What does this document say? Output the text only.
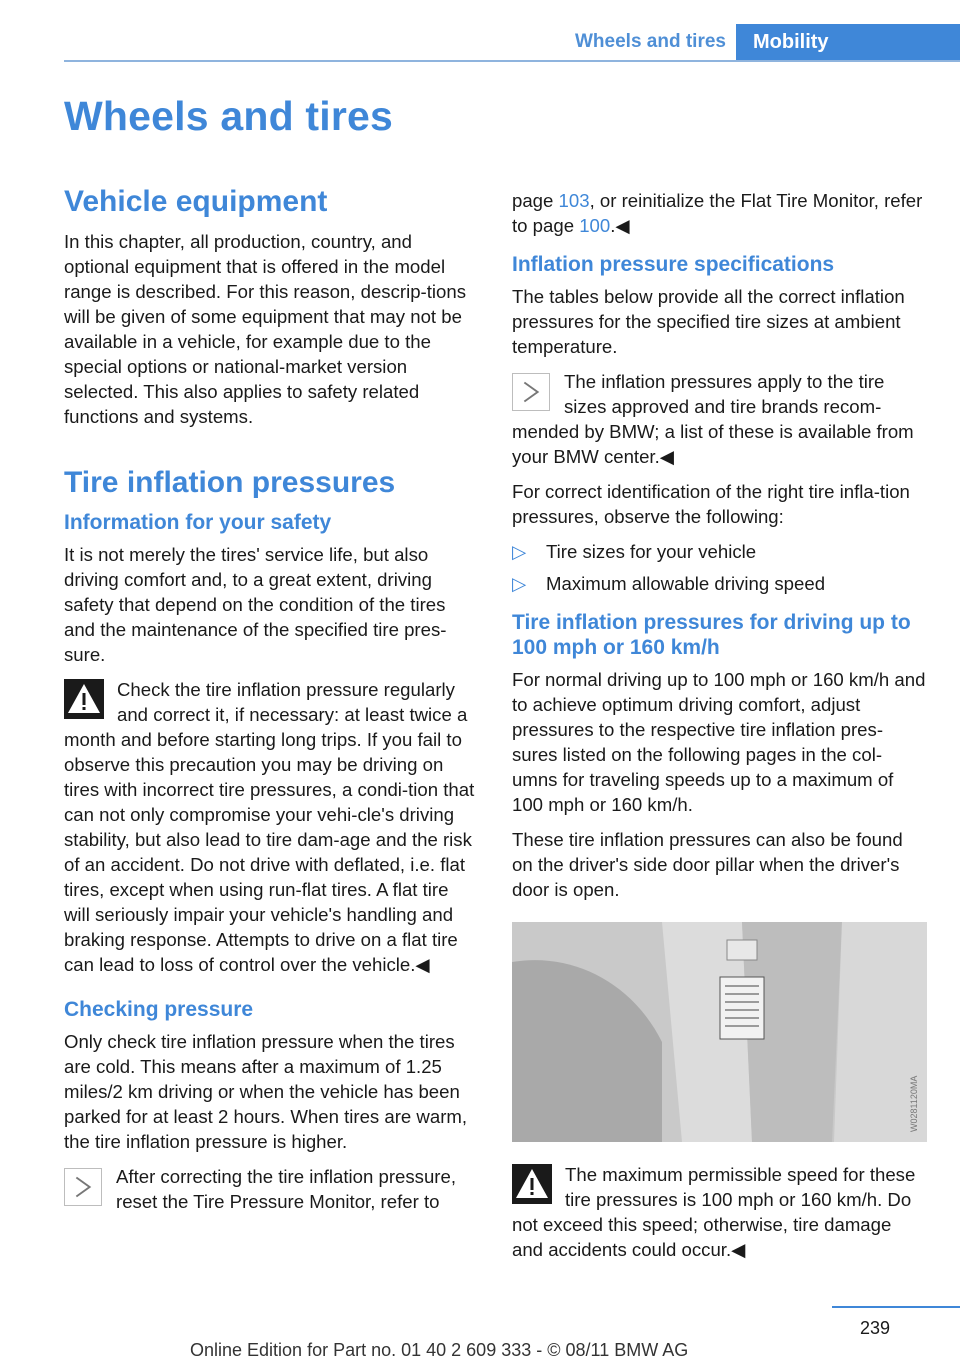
Wheels and tires	Mobility
Wheels and tires
Vehicle equipment

In this chapter, all production, country, and optional equipment that is offered in the model range is described. For this reason, descrip-tions will be given of some equipment that may not be available in a vehicle, for example due to the special options or national-market version selected. This also applies to safety related functions and systems.

Tire inflation pressures
Information for your safety

It is not merely the tires' service life, but also driving comfort and, to a great extent, driving safety that depend on the condition of the tires and the maintenance of the specified tire pres-sure.

Check the tire inflation pressure regularly and correct it, if necessary: at least twice a month and before starting long trips. If you fail to observe this precaution you may be driving on tires with incorrect tire pressures, a condi-tion that can not only compromise your vehi-cle's driving stability, but also lead to tire dam-age and the risk of an accident. Do not drive with deflated, i.e. flat tires, except when using run-flat tires. A flat tire will seriously impair your vehicle's handling and braking response. Attempts to drive on a flat tire can lead to loss of control over the vehicle.◀
Checking pressure

Only check tire inflation pressure when the tires are cold. This means after a maximum of 1.25 miles/2 km driving or when the vehicle has been parked for at least 2 hours. When tires are warm, the tire inflation pressure is higher.

After correcting the tire inflation pressure, reset the Tire Pressure Monitor, refer to

page 103, or reinitialize the Flat Tire Monitor, refer to page 100.◀

Inflation pressure specifications

The tables below provide all the correct inflation pressures for the specified tire sizes at ambient temperature.

The inflation pressures apply to the tire sizes approved and tire brands recom-mended by BMW; a list of these is available from your BMW center.◀

For correct identification of the right tire infla-tion pressures, observe the following:

▷ Tire sizes for your vehicle
▷ Maximum allowable driving speed
Tire inflation pressures for driving up to 100 mph or 160 km/h

For normal driving up to 100 mph or 160 km/h and to achieve optimum driving comfort, adjust pressures to the respective tire inflation pres-sures listed on the following pages in the col-umns for traveling speeds up to a maximum of 100 mph or 160 km/h.

These tire inflation pressures can also be found on the driver's side door pillar when the driver's door is open.

W0281120MA
The maximum permissible speed for these tire pressures is 100 mph or 160 km/h. Do not exceed this speed; otherwise, tire damage and accidents could occur.◀
239
Online Edition for Part no. 01 40 2 609 333 - © 08/11 BMW AG
